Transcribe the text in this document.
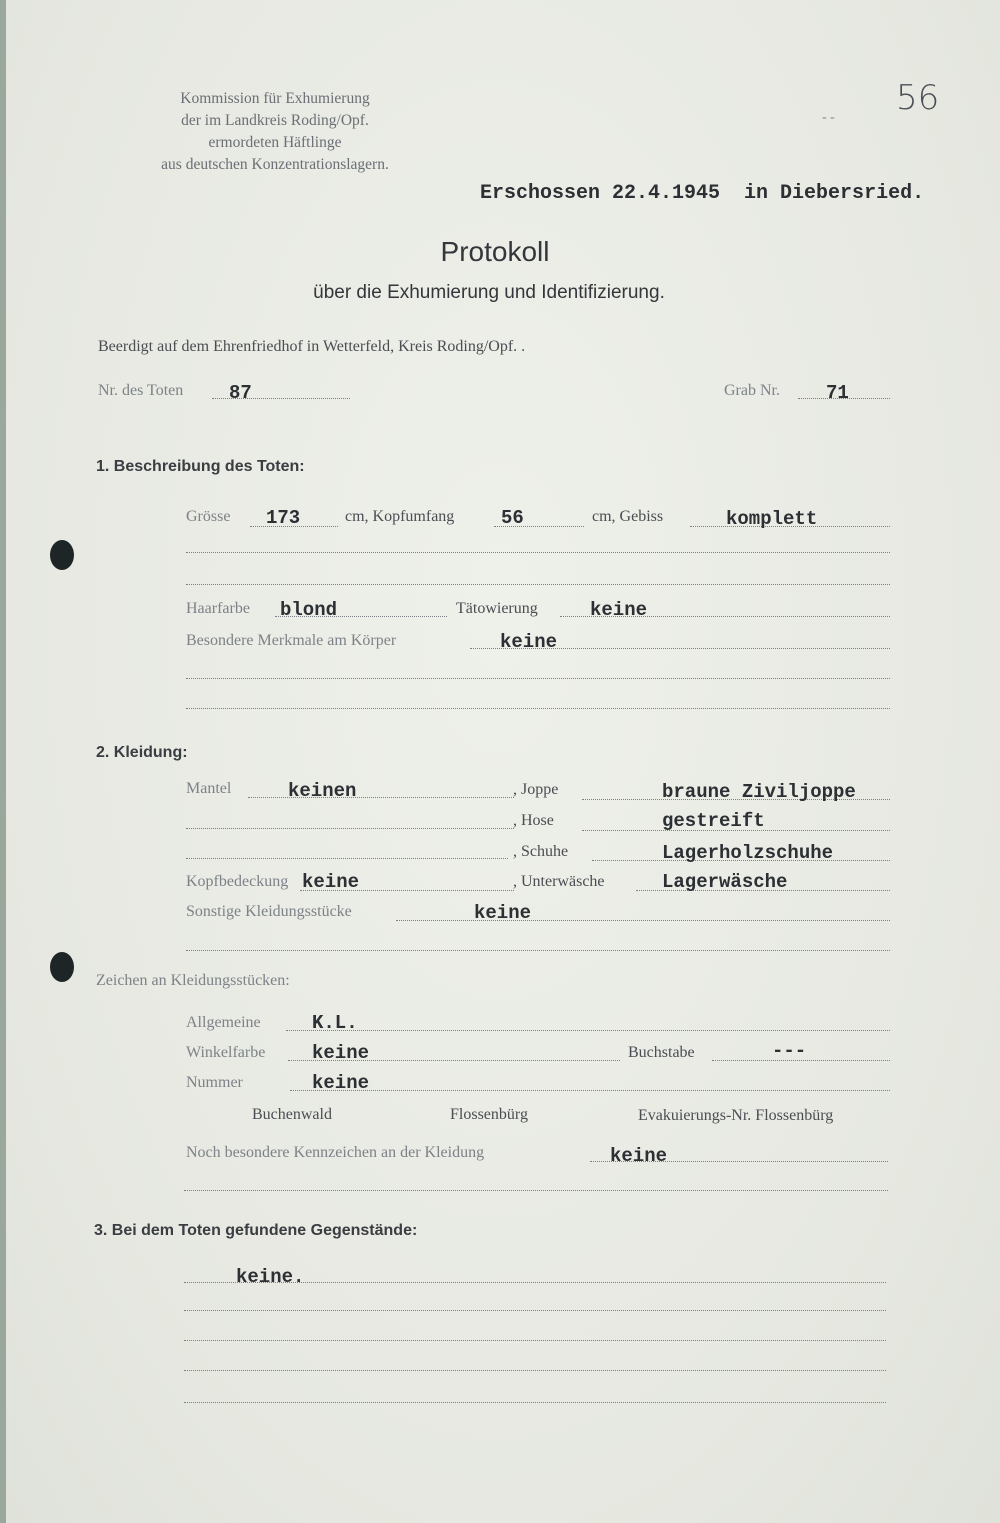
Kommission für Exhumierung
der im Landkreis Roding/Opf.
ermordeten Häftlinge
aus deutschen Konzentrationslagern.
56
- -
Erschossen 22.4.1945  in Diebersried.
Protokoll
über die Exhumierung und Identifizierung.
Beerdigt auf dem Ehrenfriedhof in Wetterfeld, Kreis Roding/Opf. .
Nr. des Toten 87	Grab Nr. 71
1. Beschreibung des Toten:
Grösse 173	cm, Kopfumfang 56	cm, Gebiss	komplett
Haarfarbe blond	Tätowierung	keine
Besondere Merkmale am Körper	keine
2. Kleidung:
Mantel	keinen	, Joppe	braune Ziviljoppe
, Hose	gestreift
, Schuhe	Lagerholzschuhe
Kopfbedeckung keine	, Unterwäsche	Lagerwäsche
Sonstige Kleidungsstücke	keine
Zeichen an Kleidungsstücken:
Allgemeine	K.L.
Winkelfarbe keine	Buchstabe	---
Nummer	keine
Buchenwald	Flossenbürg	Evakuierungs-Nr. Flossenbürg
Noch besondere Kennzeichen an der Kleidung	keine
3. Bei dem Toten gefundene Gegenstände:
keine.
